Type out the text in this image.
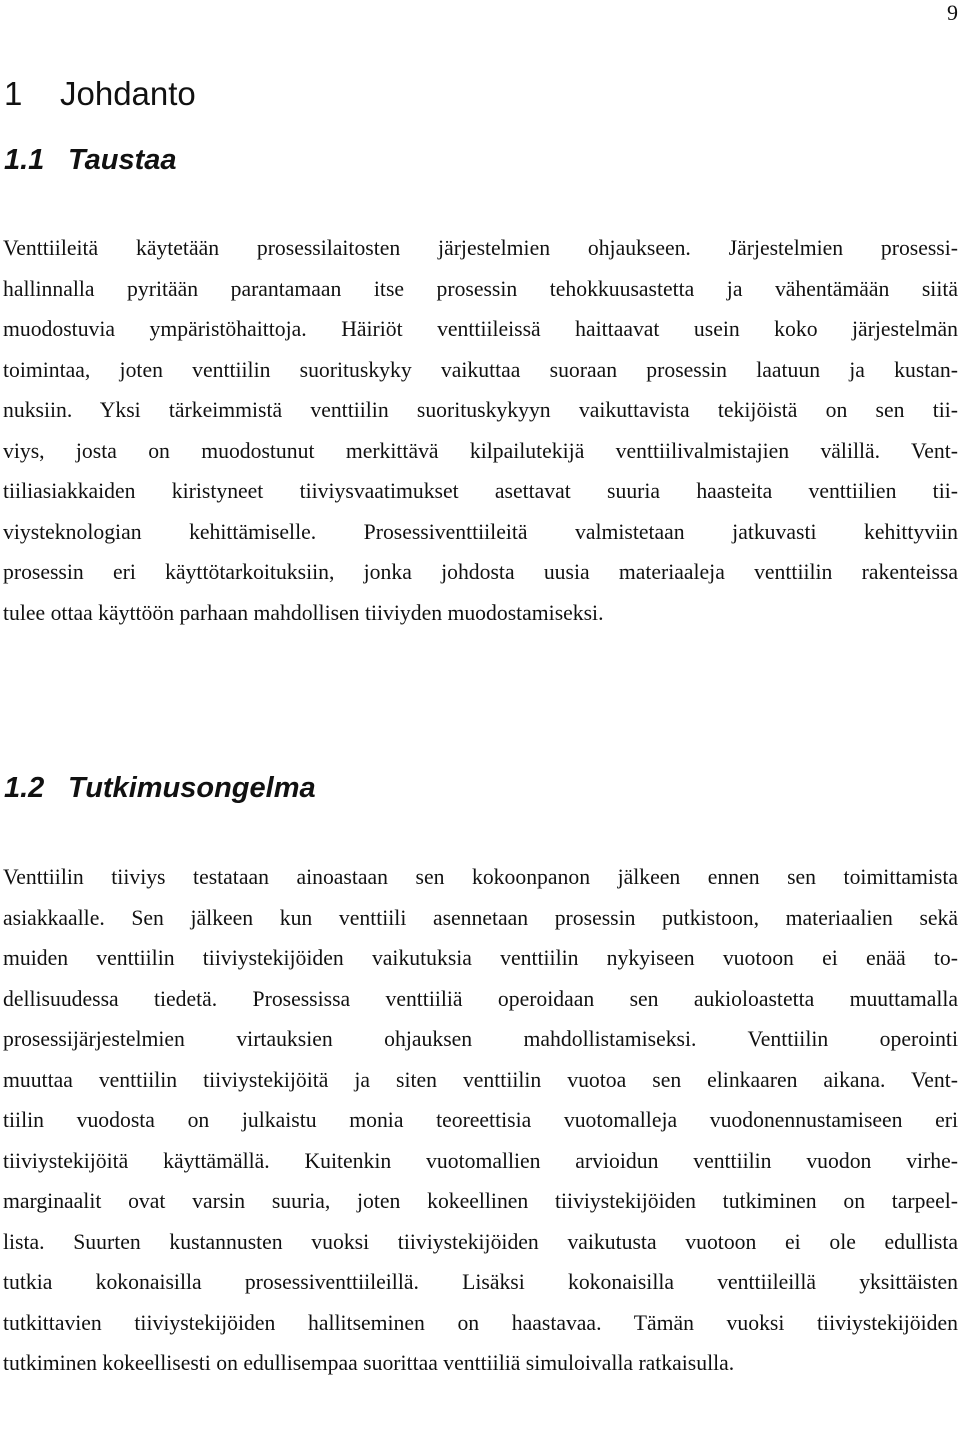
9

1 Johdanto
1.1 Taustaa
Venttiileitä käytetään prosessilaitosten järjestelmien ohjaukseen. Järjestelmien prosessi-
hallinnalla pyritään parantamaan itse prosessin tehokkuusastetta ja vähentämään siitä
muodostuvia ympäristöhaittoja. Häiriöt venttiileissä haittaavat usein koko järjestelmän
toimintaa, joten venttiilin suorituskyky vaikuttaa suoraan prosessin laatuun ja kustan-
nuksiin. Yksi tärkeimmistä venttiilin suorituskykyyn vaikuttavista tekijöistä on sen tii-
viys, josta on muodostunut merkittävä kilpailutekijä venttiilivalmistajien välillä. Vent-
tiiliasiakkaiden kiristyneet tiiviysvaatimukset asettavat suuria haasteita venttiilien tii-
viysteknologian kehittämiselle. Prosessiventtiileitä valmistetaan jatkuvasti kehittyviin
prosessin eri käyttötarkoituksiin, jonka johdosta uusia materiaaleja venttiilin rakenteissa
tulee ottaa käyttöön parhaan mahdollisen tiiviyden muodostamiseksi.
1.2 Tutkimusongelma
Venttiilin tiiviys testataan ainoastaan sen kokoonpanon jälkeen ennen sen toimittamista
asiakkaalle. Sen jälkeen kun venttiili asennetaan prosessin putkistoon, materiaalien sekä
muiden venttiilin tiiviystekijöiden vaikutuksia venttiilin nykyiseen vuotoon ei enää to-
dellisuudessa tiedetä. Prosessissa venttiiliä operoidaan sen aukioloastetta muuttamalla
prosessijärjestelmien virtauksien ohjauksen mahdollistamiseksi. Venttiilin operointi
muuttaa venttiilin tiiviystekijöitä ja siten venttiilin vuotoa sen elinkaaren aikana. Vent-
tiilin vuodosta on julkaistu monia teoreettisia vuotomalleja vuodonennustamiseen eri
tiiviystekijöitä käyttämällä. Kuitenkin vuotomallien arvioidun venttiilin vuodon virhe-
marginaalit ovat varsin suuria, joten kokeellinen tiiviystekijöiden tutkiminen on tarpeel-
lista. Suurten kustannusten vuoksi tiiviystekijöiden vaikutusta vuotoon ei ole edullista
tutkia kokonaisilla prosessiventtiileillä. Lisäksi kokonaisilla venttiileillä yksittäisten
tutkittavien tiiviystekijöiden hallitseminen on haastavaa. Tämän vuoksi tiiviystekijöiden
tutkiminen kokeellisesti on edullisempaa suorittaa venttiiliä simuloivalla ratkaisulla.
